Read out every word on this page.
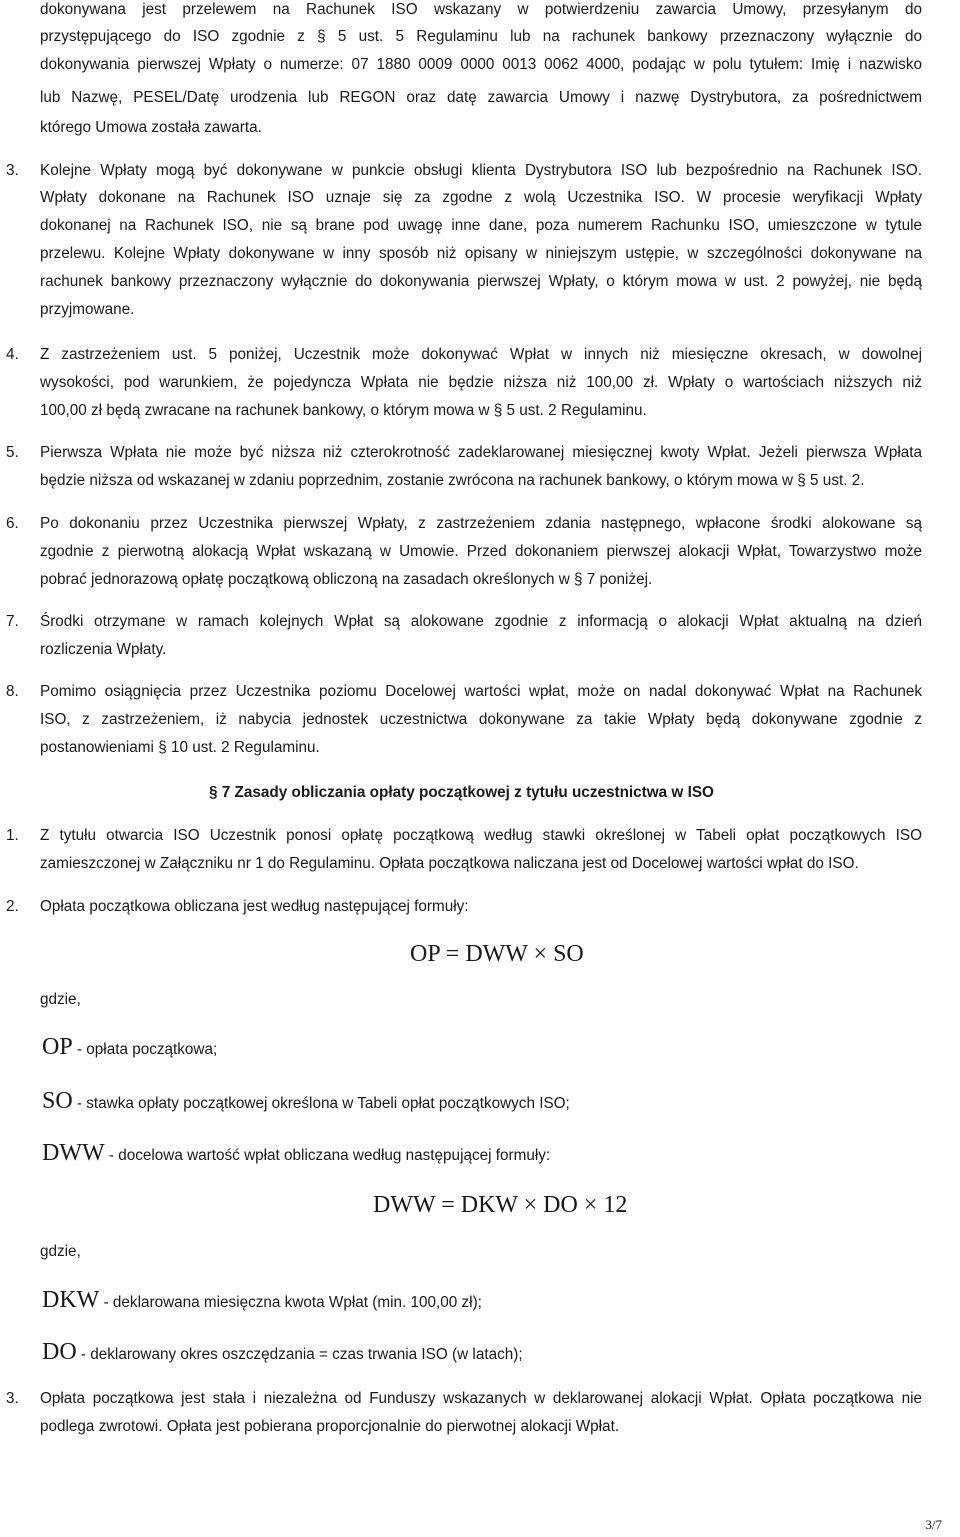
dokonywana jest przelewem na Rachunek ISO wskazany w potwierdzeniu zawarcia Umowy, przesyłanym do
przystępującego do ISO zgodnie z § 5 ust. 5 Regulaminu lub na rachunek bankowy przeznaczony wyłącznie do
dokonywania pierwszej Wpłaty o numerze: 07 1880 0009 0000 0013 0062 4000, podając w polu tytułem: Imię i nazwisko
lub Nazwę, PESEL/Datę urodzenia lub REGON oraz datę zawarcia Umowy i nazwę Dystrybutora, za pośrednictwem
którego Umowa została zawarta.
3. Kolejne Wpłaty mogą być dokonywane w punkcie obsługi klienta Dystrybutora ISO lub bezpośrednio na Rachunek ISO.
Wpłaty dokonane na Rachunek ISO uznaje się za zgodne z wolą Uczestnika ISO. W procesie weryfikacji Wpłaty
dokonanej na Rachunek ISO, nie są brane pod uwagę inne dane, poza numerem Rachunku ISO, umieszczone w tytule
przelewu. Kolejne Wpłaty dokonywane w inny sposób niż opisany w niniejszym ustępie, w szczególności dokonywane na
rachunek bankowy przeznaczony wyłącznie do dokonywania pierwszej Wpłaty, o którym mowa w ust. 2 powyżej, nie będą
przyjmowane.
4. Z zastrzeżeniem ust. 5 poniżej, Uczestnik może dokonywać Wpłat w innych niż miesięczne okresach, w dowolnej
wysokości, pod warunkiem, że pojedyncza Wpłata nie będzie niższa niż 100,00 zł. Wpłaty o wartościach niższych niż
100,00 zł będą zwracane na rachunek bankowy, o którym mowa w § 5 ust. 2 Regulaminu.
5. Pierwsza Wpłata nie może być niższa niż czterokrotność zadeklarowanej miesięcznej kwoty Wpłat. Jeżeli pierwsza Wpłata
będzie niższa od wskazanej w zdaniu poprzednim, zostanie zwrócona na rachunek bankowy, o którym mowa w § 5 ust. 2.
6. Po dokonaniu przez Uczestnika pierwszej Wpłaty, z zastrzeżeniem zdania następnego, wpłacone środki alokowane są
zgodnie z pierwotną alokacją Wpłat wskazaną w Umowie. Przed dokonaniem pierwszej alokacji Wpłat, Towarzystwo może
pobrać jednorazową opłatę początkową obliczoną na zasadach określonych w § 7 poniżej.
7. Środki otrzymane w ramach kolejnych Wpłat są alokowane zgodnie z informacją o alokacji Wpłat aktualną na dzień
rozliczenia Wpłaty.
8. Pomimo osiągnięcia przez Uczestnika poziomu Docelowej wartości wpłat, może on nadal dokonywać Wpłat na Rachunek
ISO, z zastrzeżeniem, iż nabycia jednostek uczestnictwa dokonywane za takie Wpłaty będą dokonywane zgodnie z
postanowieniami § 10 ust. 2 Regulaminu.
§ 7 Zasady obliczania opłaty początkowej z tytułu uczestnictwa w ISO
1. Z tytułu otwarcia ISO Uczestnik ponosi opłatę początkową według stawki określonej w Tabeli opłat początkowych ISO
zamieszczonej w Załączniku nr 1 do Regulaminu. Opłata początkowa naliczana jest od Docelowej wartości wpłat do ISO.
2. Opłata początkowa obliczana jest według następującej formuły:
OP = DWW × SO
gdzie,
OP - opłata początkowa;
SO - stawka opłaty początkowej określona w Tabeli opłat początkowych ISO;
DWW - docelowa wartość wpłat obliczana według następującej formuły:
DWW = DKW × DO × 12
gdzie,
DKW - deklarowana miesięczna kwota Wpłat (min. 100,00 zł);
DO - deklarowany okres oszczędzania = czas trwania ISO (w latach);
3. Opłata początkowa jest stała i niezależna od Funduszy wskazanych w deklarowanej alokacji Wpłat. Opłata początkowa nie
podlega zwrotowi. Opłata jest pobierana proporcjonalnie do pierwotnej alokacji Wpłat.
3/7
